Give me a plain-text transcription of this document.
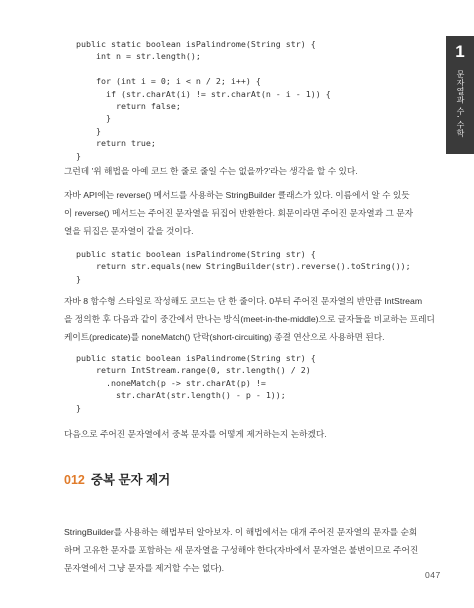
1
문자열과 수, 수학
public static boolean isPalindrome(String str) {
int n = str.length();

for (int i = 0; i < n / 2; i++) {
if (str.charAt(i) != str.charAt(n - i - 1)) {
return false;
}
}
return true;
}
그런데 '위 해법을 아예 코드 한 줄로 줄일 수는 없을까?'라는 생각을 할 수 있다.
자바 API에는 reverse() 메서드를 사용하는 StringBuilder 클래스가 있다. 이름에서 알 수 있듯
이 reverse() 메서드는 주어진 문자열을 뒤집어 반환한다. 회문이라면 주어진 문자열과 그 문자
열을 뒤집은 문자열이 같을 것이다.
public static boolean isPalindrome(String str) {
return str.equals(new StringBuilder(str).reverse().toString());
}
자바 8 함수형 스타일로 작성해도 코드는 단 한 줄이다. 0부터 주어진 문자열의 반만큼 IntStream
을 정의한 후 다음과 같이 중간에서 만나는 방식(meet-in-the-middle)으로 글자들을 비교하는 프레디
케이트(predicate)를 noneMatch() 단락(short-circuiting) 종결 연산으로 사용하면 된다.
public static boolean isPalindrome(String str) {
return IntStream.range(0, str.length() / 2)
.noneMatch(p -> str.charAt(p) !=
str.charAt(str.length() - p - 1));
}
다음으로 주어진 문자열에서 중복 문자를 어떻게 제거하는지 논하겠다.
012 중복 문자 제거
StringBuilder를 사용하는 해법부터 알아보자. 이 해법에서는 대개 주어진 문자열의 문자를 순회
하며 고유한 문자를 포함하는 새 문자열을 구성해야 한다(자바에서 문자열은 불변이므로 주어진
문자열에서 그냥 문자를 제거할 수는 없다).
047
